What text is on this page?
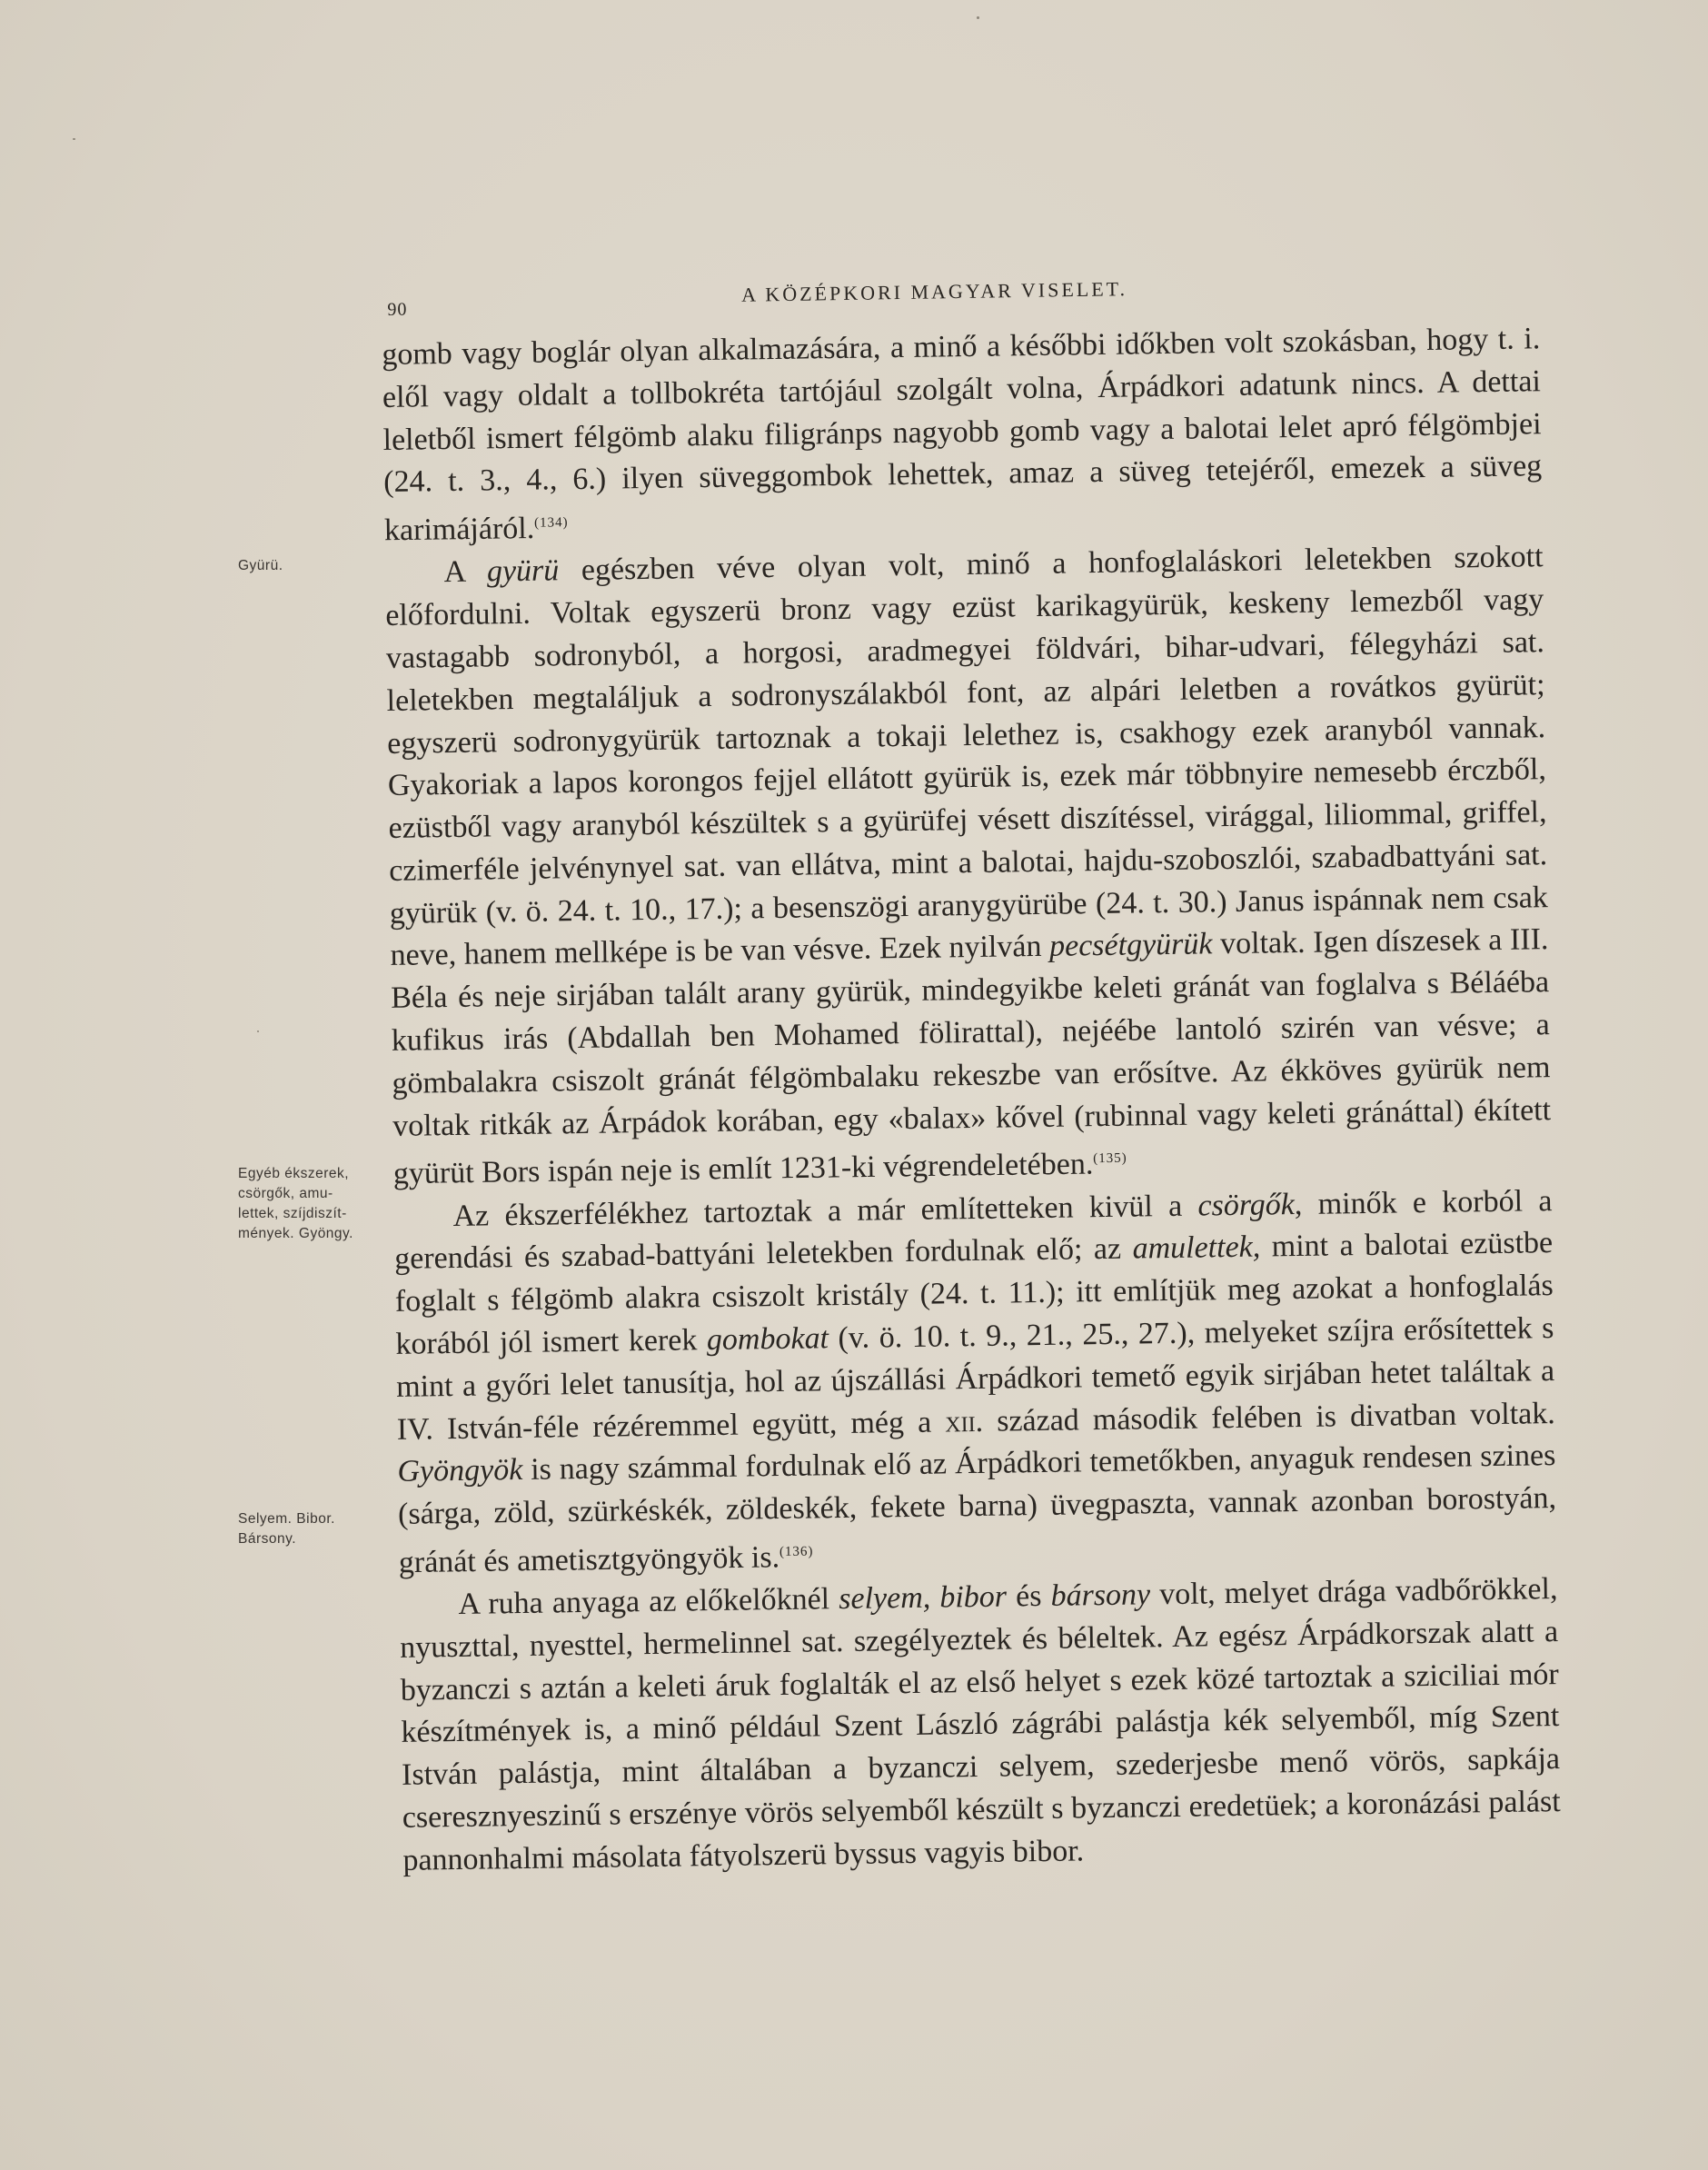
90
A KÖZÉPKORI MAGYAR VISELET.
Gyürü.
Egyéb ékszerek,
csörgők, amu-
lettek, szíjdiszít-
mények. Gyöngy.
Selyem. Bibor.
Bársony.

gomb vagy boglár olyan alkalmazására, a minő a későbbi időkben volt szokásban, hogy t. i. elől vagy oldalt a tollbokréta tartójául szolgált volna, Árpádkori adatunk nincs. A dettai leletből ismert félgömb alaku filigránps nagyobb gomb vagy a balotai lelet apró félgömbjei (24. t. 3., 4., 6.) ilyen süveggombok lehettek, amaz a süveg tetejéről, emezek a süveg karimájáról.$^{(134)}$

A gyürü egészben véve olyan volt, minő a honfoglaláskori leletekben szokott előfordulni. Voltak egyszerü bronz vagy ezüst karikagyürük, keskeny lemezből vagy vastagabb sodronyból, a horgosi, aradmegyei földvári, bihar-udvari, félegyházi sat. leletekben megtaláljuk a sodronyszálakból font, az alpári leletben a rovátkos gyürüt; egyszerü sodronygyürük tartoznak a tokaji lelethez is, csakhogy ezek aranyból vannak. Gyakoriak a lapos korongos fejjel ellátott gyürük is, ezek már többnyire nemesebb érczből, ezüstből vagy aranyból készültek s a gyürüfej vésett diszítéssel, virággal, liliommal, griffel, czimerféle jelvénynyel sat. van ellátva, mint a balotai, hajdu-szoboszlói, szabadbattyáni sat. gyürük (v. ö. 24. t. 10., 17.); a besenszögi aranygyürübe (24. t. 30.) Janus ispánnak nem csak neve, hanem mellképe is be van vésve. Ezek nyilván pecsétgyürük voltak. Igen díszesek a III. Béla és neje sirjában talált arany gyürük, mindegyikbe keleti gránát van foglalva s Béláéba kufikus irás (Abdallah ben Mohamed fölirattal), nejéébe lantoló szirén van vésve; a gömbalakra csiszolt gránát félgömbalaku rekeszbe van erősítve. Az ékköves gyürük nem voltak ritkák az Árpádok korában, egy «balax» kővel (rubinnal vagy keleti gránáttal) ékített gyürüt Bors ispán neje is említ 1231-ki végrendeletében.$^{(135)}$

Az ékszerfélékhez tartoztak a már említetteken kivül a csörgők, minők e korból a gerendási és szabad-battyáni leletekben fordulnak elő; az amulettek, mint a balotai ezüstbe foglalt s félgömb alakra csiszolt kristály (24. t. 11.); itt említjük meg azokat a honfoglalás korából jól ismert kerek gombokat (v. ö. 10. t. 9., 21., 25., 27.), melyeket szíjra erősítettek s mint a győri lelet tanusítja, hol az újszállási Árpádkori temető egyik sirjában hetet találtak a IV. István-féle rézéremmel együtt, még a xii. század második felében is divatban voltak. Gyöngyök is nagy számmal fordulnak elő az Árpádkori temetőkben, anyaguk rendesen szines (sárga, zöld, szürkéskék, zöldeskék, fekete barna) üvegpaszta, vannak azonban borostyán, gránát és ametisztgyöngyök is.$^{(136)}$

A ruha anyaga az előkelőknél selyem, bibor és bársony volt, melyet drága vadbőrökkel, nyuszttal, nyesttel, hermelinnel sat. szegélyeztek és béleltek. Az egész Árpádkorszak alatt a byzanczi s aztán a keleti áruk foglalták el az első helyet s ezek közé tartoztak a sziciliai mór készítmények is, a minő például Szent László zágrábi palástja kék selyemből, míg Szent István palástja, mint általában a byzanczi selyem, szederjesbe menő vörös, sapkája cseresznyeszinű s erszénye vörös selyemből készült s byzanczi eredetüek; a koronázási palást pannonhalmi másolata fátyolszerü byssus vagyis bibor.
